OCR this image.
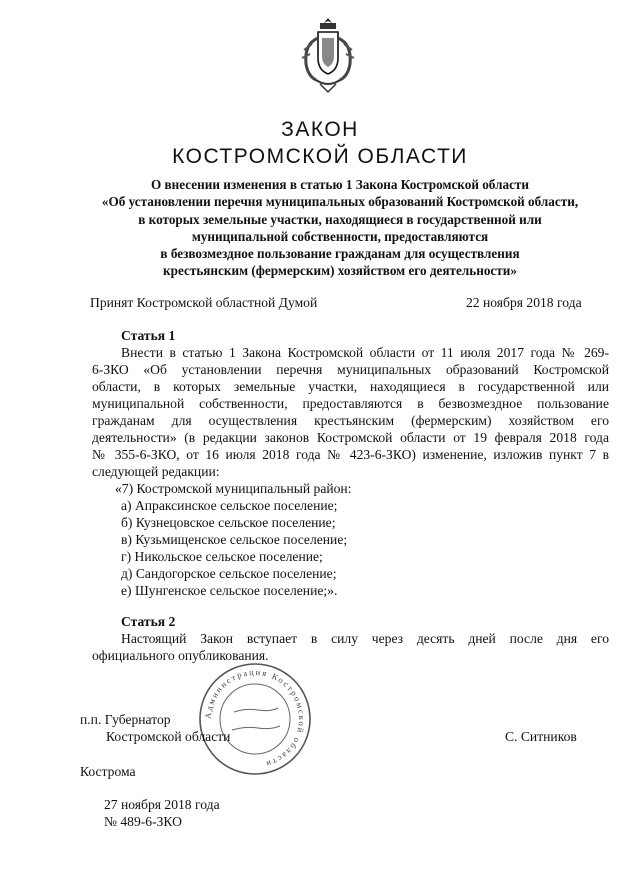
ЗАКОН
КОСТРОМСКОЙ ОБЛАСТИ
О внесении изменения в статью 1 Закона Костромской области
«Об установлении перечня муниципальных образований Костромской области,
в которых земельные участки, находящиеся в государственной или
муниципальной собственности, предоставляются
в безвозмездное пользование гражданам для осуществления
крестьянским (фермерским) хозяйством его деятельности»
Принят Костромской областной Думой	22 ноября 2018 года
Статья 1
Внести в статью 1 Закона Костромской области от 11 июля 2017 года № 269-
6-ЗКО «Об установлении перечня муниципальных образований Костромской
области, в которых земельные участки, находящиеся в государственной или
муниципальной собственности, предоставляются в безвозмездное пользование
гражданам для осуществления крестьянским (фермерским) хозяйством его
деятельности» (в редакции законов Костромской области от 19 февраля 2018 года
№ 355-6-ЗКО, от 16 июля 2018 года № 423-6-ЗКО) изменение, изложив пункт 7 в
следующей редакции:
«7) Костромской муниципальный район:
а) Апраксинское сельское поселение;
б) Кузнецовское сельское поселение;
в) Кузьмищенское сельское поселение;
г) Никольское сельское поселение;
д) Сандогорское сельское поселение;
е) Шунгенское сельское поселение;».
Статья 2
Настоящий Закон вступает в силу через десять дней после дня его
официального опубликования.
Администрация Костромской области
п.п. Губернатор
Костромской области	С. Ситников
Кострома
27 ноября 2018 года
№ 489-6-ЗКО
